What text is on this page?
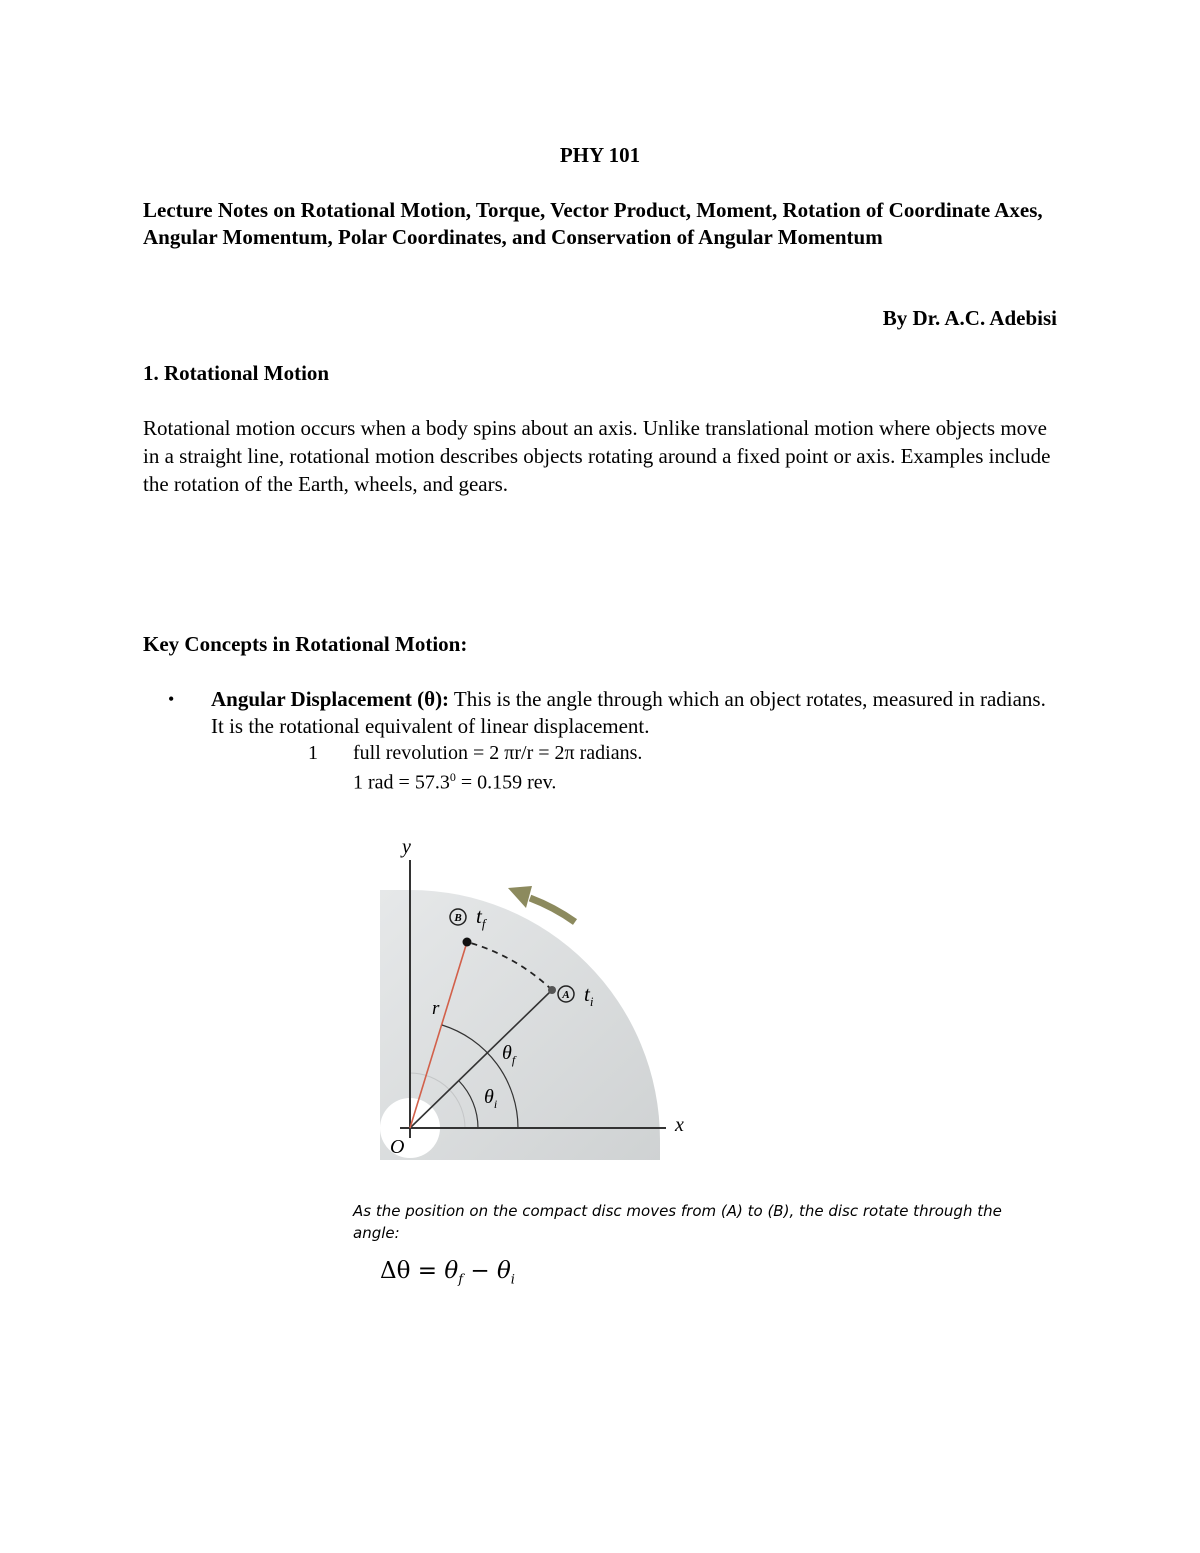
PHY 101
Lecture Notes on Rotational Motion, Torque, Vector Product, Moment, Rotation of Coordinate Axes, Angular Momentum, Polar Coordinates, and Conservation of Angular Momentum
By Dr. A.C. Adebisi
1. Rotational Motion
Rotational motion occurs when a body spins about an axis. Unlike translational motion where objects move in a straight line, rotational motion describes objects rotating around a fixed point or axis. Examples include the rotation of the Earth, wheels, and gears.
Key Concepts in Rotational Motion:
• Angular Displacement (θ): This is the angle through which an object rotates, measured in radians. It is the rotational equivalent of linear displacement.
1 full revolution = 2 πr/r = 2π radians.
1 rad = $57.3^0 = 0.159$ rev.
B
A
y
x
O
r
$t_f$
$t_i$
$\theta_f$
$\theta_i$
As the position on the compact disc moves from (A) to (B), the disc rotate through the angle:
$\Delta\theta = \theta_f - \theta_i$
